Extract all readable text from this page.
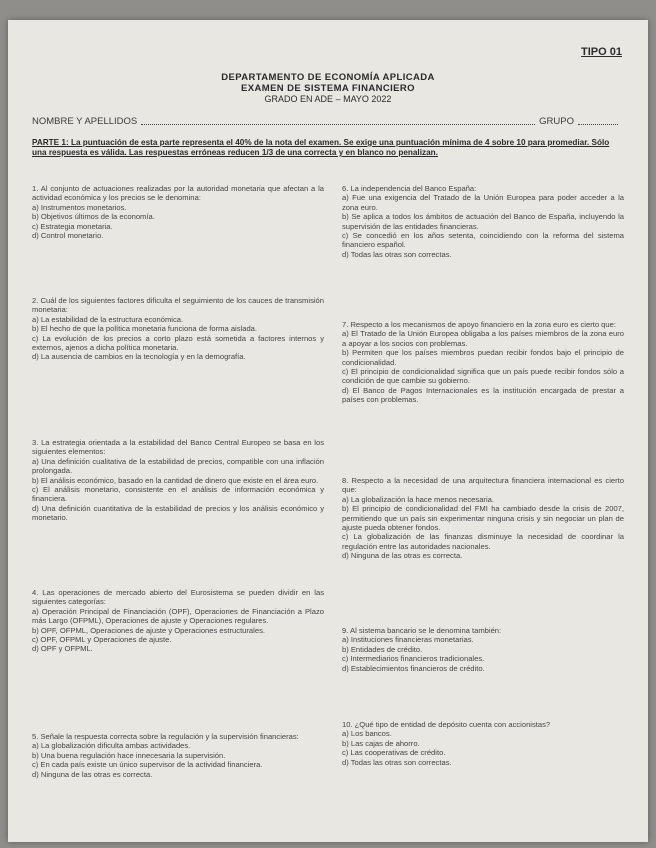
TIPO 01
DEPARTAMENTO DE ECONOMÍA APLICADA
EXAMEN DE SISTEMA FINANCIERO
GRADO EN ADE – MAYO 2022
NOMBRE Y APELLIDOS	GRUPO
PARTE 1: La puntuación de esta parte representa el 40% de la nota del examen. Se exige una puntuación mínima de 4 sobre 10 para promediar. Sólo una respuesta es válida. Las respuestas erróneas reducen 1/3 de una correcta y en blanco no penalizan.

1. Al conjunto de actuaciones realizadas por la autoridad monetaria que afectan a la actividad económica y los precios se le denomina:

a) Instrumentos monetarios.

b) Objetivos últimos de la economía.

c) Estrategia monetaria.

d) Control monetario.

2. Cuál de los siguientes factores dificulta el seguimiento de los cauces de transmisión monetaria:

a) La estabilidad de la estructura económica.

b) El hecho de que la política monetaria funciona de forma aislada.

c) La evolución de los precios a corto plazo está sometida a factores internos y externos, ajenos a dicha política monetaria.

d) La ausencia de cambios en la tecnología y en la demografía.

3. La estrategia orientada a la estabilidad del Banco Central Europeo se basa en los siguientes elementos:

a) Una definición cualitativa de la estabilidad de precios, compatible con una inflación prolongada.

b) El análisis económico, basado en la cantidad de dinero que existe en el área euro.

c) El análisis monetario, consistente en el análisis de información económica y financiera.

d) Una definición cuantitativa de la estabilidad de precios y los análisis económico y monetario.

4. Las operaciones de mercado abierto del Eurosistema se pueden dividir en las siguientes categorías:

a) Operación Principal de Financiación (OPF), Operaciones de Financiación a Plazo más Largo (OFPML), Operaciones de ajuste y Operaciones regulares.

b) OPF, OFPML, Operaciones de ajuste y Operaciones estructurales.

c) OPF, OFPML y Operaciones de ajuste.

d) OPF y OFPML.

5. Señale la respuesta correcta sobre la regulación y la supervisión financieras:

a) La globalización dificulta ambas actividades.

b) Una buena regulación hace innecesaria la supervisión.

c) En cada país existe un único supervisor de la actividad financiera.

d) Ninguna de las otras es correcta.

6. La independencia del Banco España:

a) Fue una exigencia del Tratado de la Unión Europea para poder acceder a la zona euro.

b) Se aplica a todos los ámbitos de actuación del Banco de España, incluyendo la supervisión de las entidades financieras.

c) Se concedió en los años setenta, coincidiendo con la reforma del sistema financiero español.

d) Todas las otras son correctas.

7. Respecto a los mecanismos de apoyo financiero en la zona euro es cierto que:

a) El Tratado de la Unión Europea obligaba a los países miembros de la zona euro a apoyar a los socios con problemas.

b) Permiten que los países miembros puedan recibir fondos bajo el principio de condicionalidad.

c) El principio de condicionalidad significa que un país puede recibir fondos sólo a condición de que cambie su gobierno.

d) El Banco de Pagos Internacionales es la institución encargada de prestar a países con problemas.

8. Respecto a la necesidad de una arquitectura financiera internacional es cierto que:

a) La globalización la hace menos necesaria.

b) El principio de condicionalidad del FMI ha cambiado desde la crisis de 2007, permitiendo que un país sin experimentar ninguna crisis y sin negociar un plan de ajuste pueda obtener fondos.

c) La globalización de las finanzas disminuye la necesidad de coordinar la regulación entre las autoridades nacionales.

d) Ninguna de las otras es correcta.

9. Al sistema bancario se le denomina también:

a) Instituciones financieras monetarias.

b) Entidades de crédito.

c) Intermediarios financieros tradicionales.

d) Establecimientos financieros de crédito.

10. ¿Qué tipo de entidad de depósito cuenta con accionistas?

a) Los bancos.

b) Las cajas de ahorro.

c) Las cooperativas de crédito.

d) Todas las otras son correctas.
